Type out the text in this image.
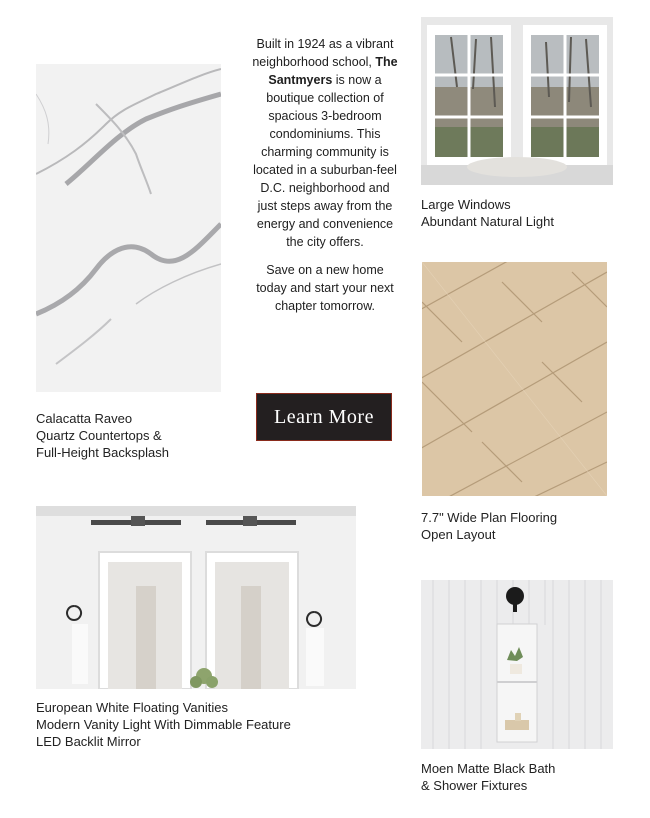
Calacatta Raveo
Quartz Countertops &
Full-Height Backsplash

Built in 1924 as a vibrant neighborhood school, The Santmyers is now a boutique collection of spacious 3-bedroom condominiums. This charming community is located in a suburban-feel D.C. neighborhood and just steps away from the energy and convenience the city offers.

Save on a new home today and start your next chapter tomorrow.

Learn More
Large Windows
Abundant Natural Light
7.7" Wide Plan Flooring
Open Layout
European White Floating Vanities
Modern Vanity Light With Dimmable Feature
LED Backlit Mirror
Moen Matte Black Bath
& Shower Fixtures
